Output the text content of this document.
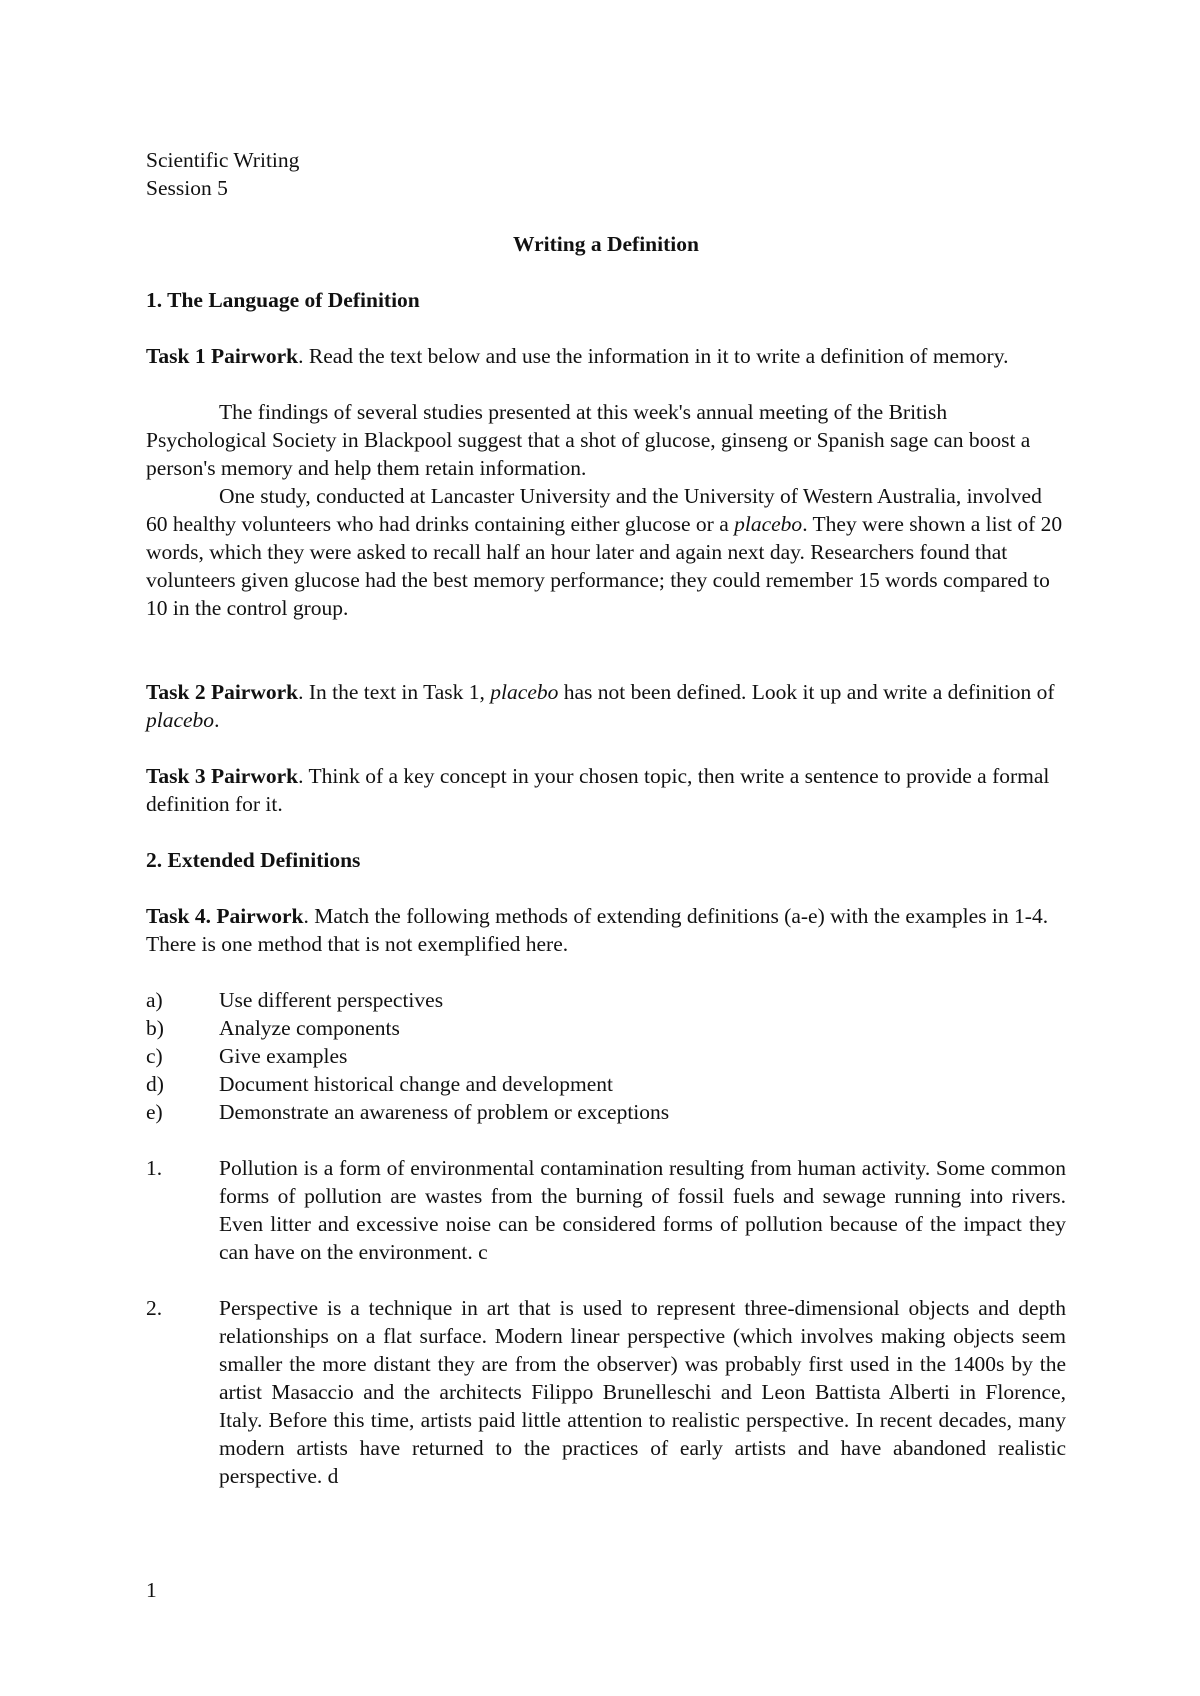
Scientific Writing
Session 5
Writing a Definition
1. The Language of Definition

Task 1 Pairwork. Read the text below and use the information in it to write a definition of memory.

The findings of several studies presented at this week's annual meeting of the British Psychological Society in Blackpool suggest that a shot of glucose, ginseng or Spanish sage can boost a person's memory and help them retain information.

One study, conducted at Lancaster University and the University of Western Australia, involved 60 healthy volunteers who had drinks containing either glucose or a placebo. They were shown a list of 20 words, which they were asked to recall half an hour later and again next day. Researchers found that volunteers given glucose had the best memory performance; they could remember 15 words compared to 10 in the control group.

Task 2 Pairwork. In the text in Task 1, placebo has not been defined. Look it up and write a definition of placebo.

Task 3 Pairwork. Think of a key concept in your chosen topic, then write a sentence to provide a formal definition for it.

2. Extended Definitions

Task 4. Pairwork. Match the following methods of extending definitions (a-e) with the examples in 1-4. There is one method that is not exemplified here.

a)	Use different perspectives
b)	Analyze components
c)	Give examples
d)	Document historical change and development
e)	Demonstrate an awareness of problem or exceptions
1.	Pollution is a form of environmental contamination resulting from human activity. Some common forms of pollution are wastes from the burning of fossil fuels and sewage running into rivers. Even litter and excessive noise can be considered forms of pollution because of the impact they can have on the environment. c
2.	Perspective is a technique in art that is used to represent three-dimensional objects and depth relationships on a flat surface. Modern linear perspective (which involves making objects seem smaller the more distant they are from the observer) was probably first used in the 1400s by the artist Masaccio and the architects Filippo Brunelleschi and Leon Battista Alberti in Florence, Italy. Before this time, artists paid little attention to realistic perspective. In recent decades, many modern artists have returned to the practices of early artists and have abandoned realistic perspective. d
1
